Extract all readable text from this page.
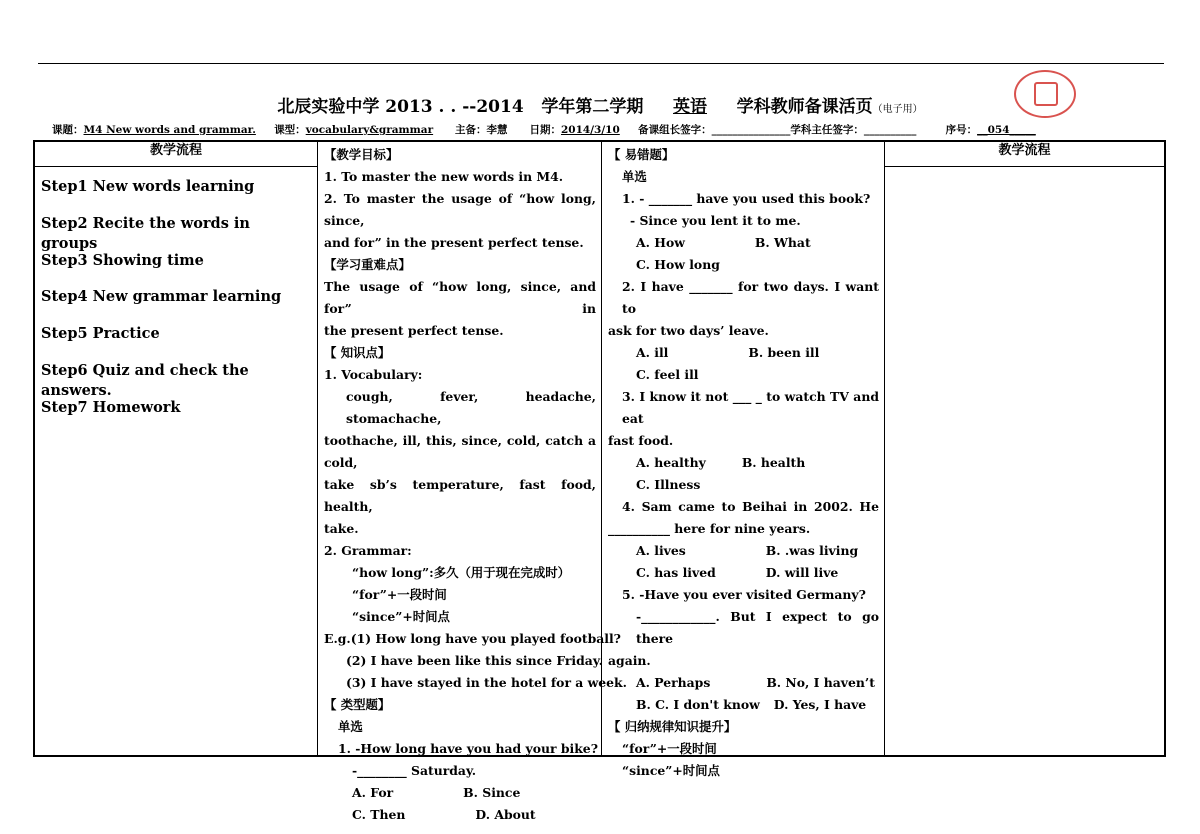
北辰实验中学 2013 . . --2014   学年第二学期 英语 学科教师备课活页（电子用）
课题：M4 New words and grammar. 课型：vocabulary&grammar 主备：李慧 日期：2014/3/10 备课组长签字：_______________学科主任签字：__________	序号：__054_____
教学流程
Step1 New words learning
Step2 Recite the words in groups
Step3 Showing time
Step4 New grammar learning
Step5 Practice
Step6 Quiz and check the answers.
Step7 Homework
【教学目标】
1. To master the new words in M4.
2. To master the usage of “how long, since,
and for” in the present perfect tense.
【学习重难点】
The usage of “how long, since, and for” in
the present perfect tense.
【 知识点】
1. Vocabulary:
cough, fever, headache, stomachache,
toothache, ill, this, since, cold, catch a cold,
take sb’s temperature, fast food, health,
take.
2. Grammar:
“how long”:多久（用于现在完成时）
“for”+一段时间
“since”+时间点
E.g.(1) How long have you played football?
(2) I have been like this since Friday.
(3) I have stayed in the hotel for a week.
【 类型题】
单选
1. -How long have you had your bike?
-________ Saturday.
A. For	B. Since
C. Then	D. About
【 易错题】
单选
1. - _______ have you used this book?
- Since you lent it to me.
A. How	B. What
C. How long
2. I have _______ for two days. I want to
ask for two days’ leave.
A. ill	B. been ill
C. feel ill
3. I know it not ___ _ to watch TV and eat
fast food.
A. healthy	B. health
C. Illness
4. Sam came to Beihai in 2002. He
__________ here for nine years.
A. lives	B. .was living
C. has lived	D. will live
5. -Have you ever visited Germany?
-____________. But I expect to go there
again.
A. Perhaps	B. No, I haven’t
B. C. I don't know D. Yes, I have
【 归纳规律知识提升】
“for”+一段时间
“since”+时间点
教学流程
